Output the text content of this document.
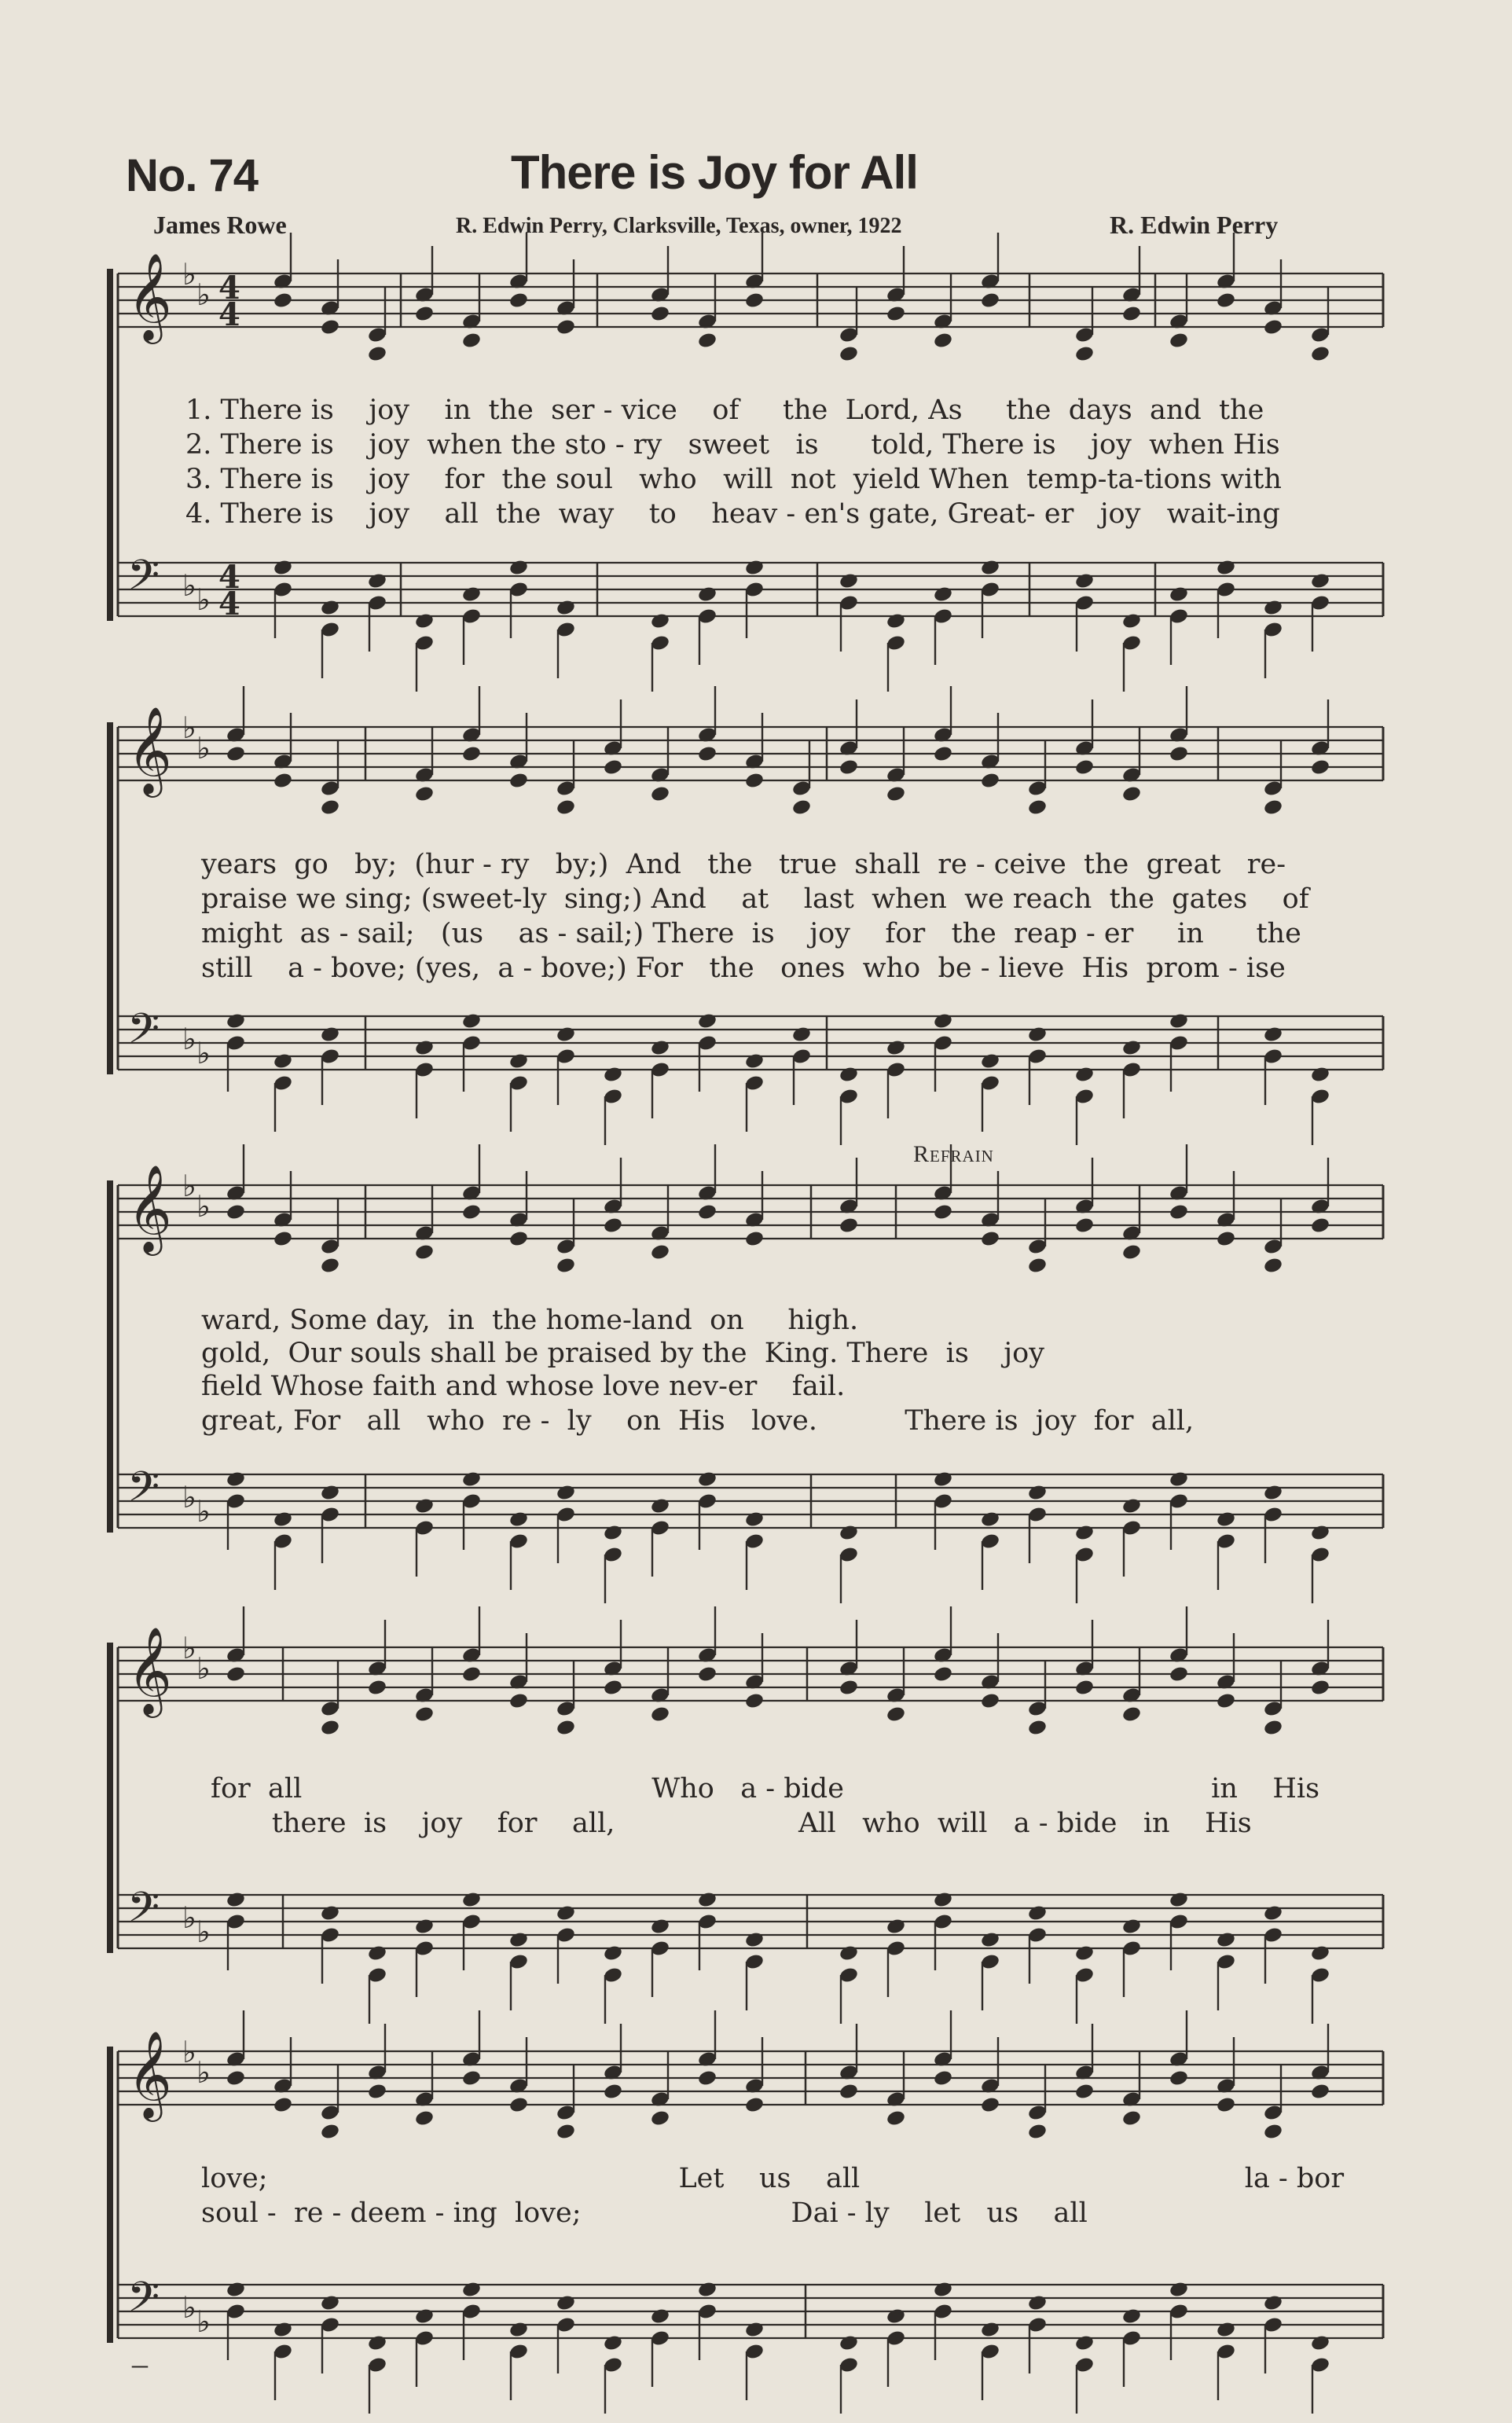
No. 74	There is Joy for All
James Rowe	R. Edwin Perry, Clarksville, Texas, owner, 1922	R. Edwin Perry
𝄞 ♭
♭ 4
4
𝄢 ♭ ♭
4
4
𝄞 ♭
♭
𝄢 ♭ ♭
𝄞 ♭
♭
𝄢 ♭ ♭
𝄞 ♭
♭
𝄢 ♭ ♭
𝄞 ♭
♭
𝄢 ♭ ♭
Refrain
1. There is    joy    in  the  ser - vice    of     the  Lord, As     the  days  and  the
2. There is    joy  when the sto - ry   sweet   is      told, There is    joy  when His
3. There is    joy    for  the soul   who   will  not  yield When  temp-ta-tions with
4. There is    joy    all  the  way    to    heav - en's gate, Great- er   joy   wait-ing
years  go   by;  (hur - ry   by;)  And   the   true  shall  re - ceive  the  great   re-
praise we sing; (sweet-ly  sing;) And    at    last  when  we reach  the  gates    of
might  as - sail;   (us    as - sail;) There  is    joy    for   the  reap - er     in      the
still    a - bove; (yes,  a - bove;) For   the   ones  who  be - lieve  His  prom - ise
ward, Some day,  in  the home-land  on     high.
gold,  Our souls shall be praised by the  King. There  is    joy
field Whose faith and whose love nev-er    fail.
great, For   all   who  re -  ly    on  His   love.          There is  joy  for  all,
for  all                                        Who   a - bide                                          in    His
there  is    joy    for    all,                     All   who  will   a - bide   in    His
love;                                               Let    us    all                                            la - bor
soul -  re - deem - ing  love;                        Dai - ly    let   us    all
–
